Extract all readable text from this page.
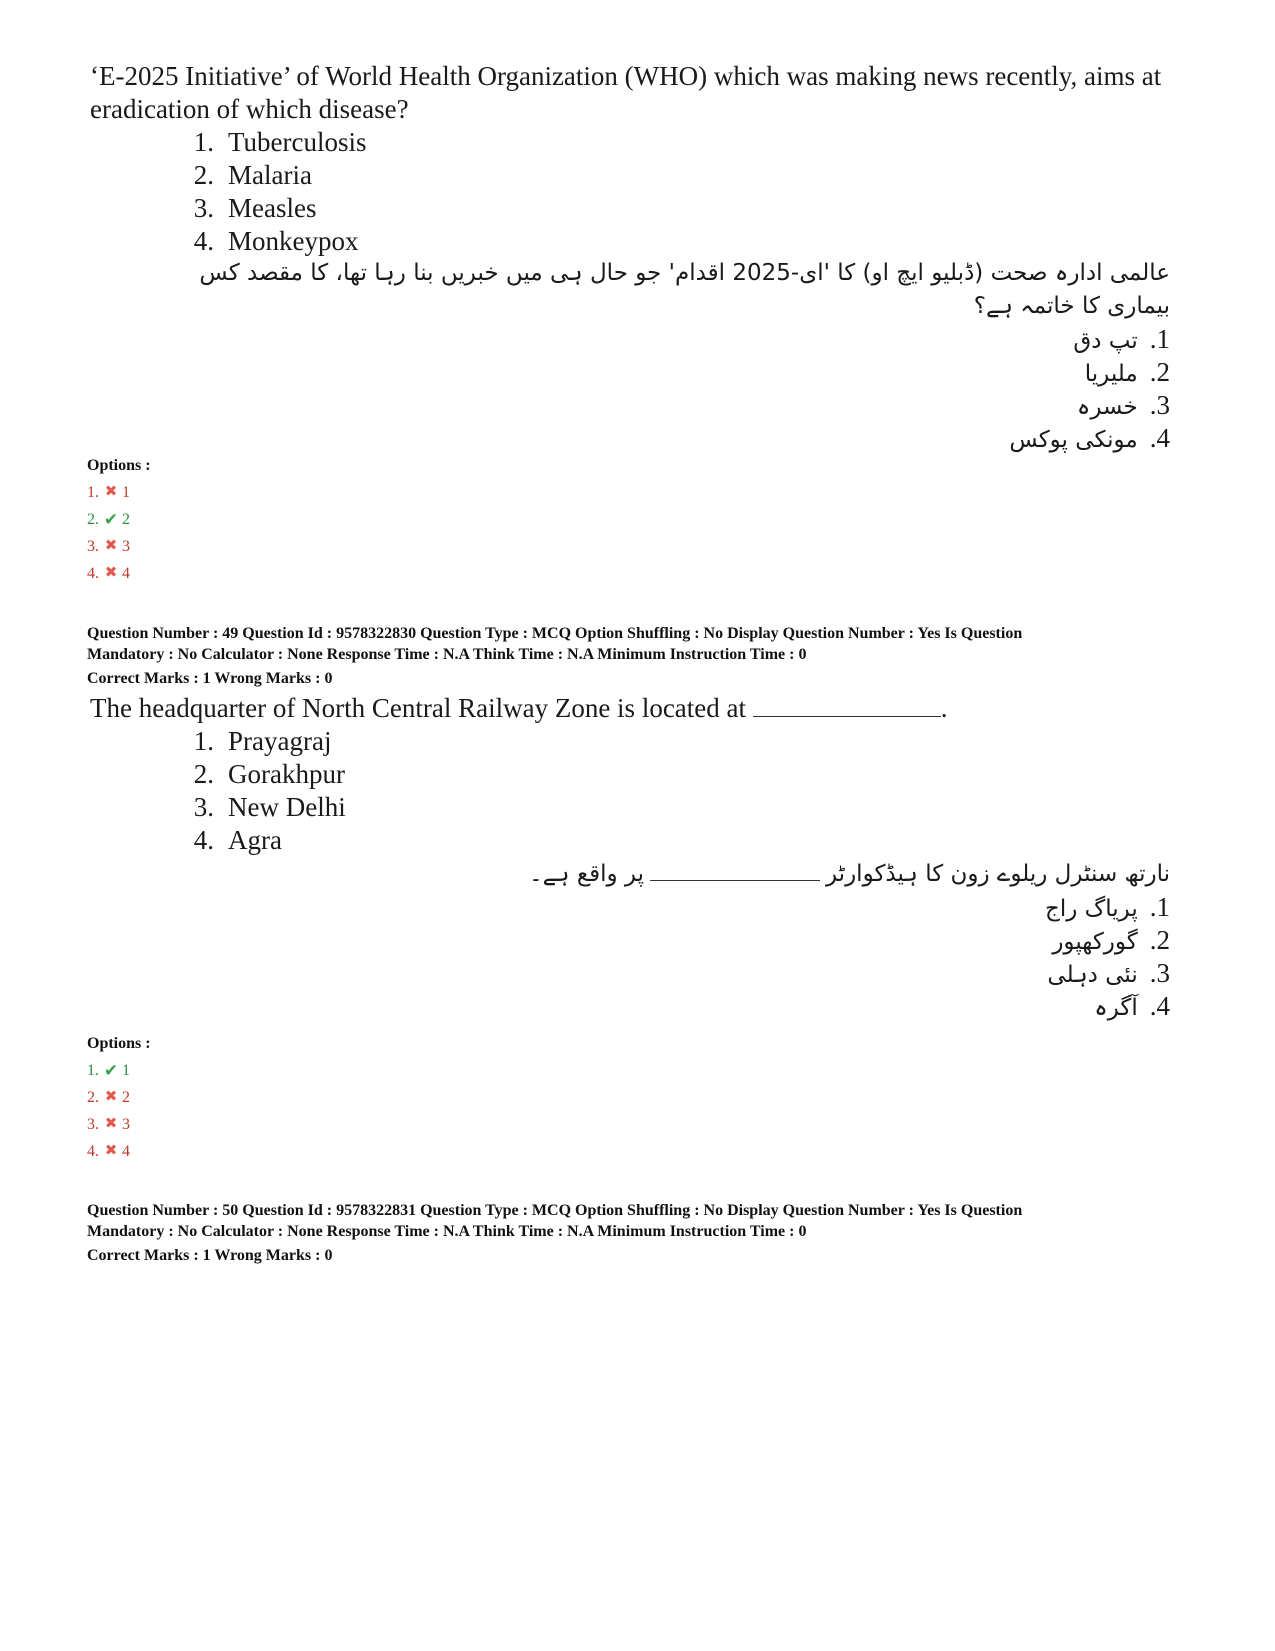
‘E-2025 Initiative’ of World Health Organization (WHO) which was making news recently, aims at eradication of which disease?

1. Tuberculosis
2. Malaria
3. Measles
4. Monkeypox

عالمی ادارہ صحت (ڈبلیو ایچ او) کا 'ای-2025 اقدام' جو حال ہی میں خبریں بنا رہا تھا، کا مقصد کس بیماری کا خاتمہ ہے؟

1.تپ دق
2.ملیریا
3.خسرہ
4.مونکی پوکس
Options :
1. ✖ 1
2. ✔ 2
3. ✖ 3
4. ✖ 4

Question Number : 49 Question Id : 9578322830 Question Type : MCQ Option Shuffling : No Display Question Number : Yes Is Question

Mandatory : No Calculator : None Response Time : N.A Think Time : N.A Minimum Instruction Time : 0

Correct Marks : 1 Wrong Marks : 0

The headquarter of North Central Railway Zone is located at	.

1. Prayagraj
2. Gorakhpur
3. New Delhi
4. Agra

نارتھ سنٹرل ریلوے زون کا ہیڈکوارٹرپر واقع ہے۔

1.پریاگ راج
2.گورکھپور
3.نئی دہلی
4.آگرہ
Options :
1. ✔ 1
2. ✖ 2
3. ✖ 3
4. ✖ 4

Question Number : 50 Question Id : 9578322831 Question Type : MCQ Option Shuffling : No Display Question Number : Yes Is Question

Mandatory : No Calculator : None Response Time : N.A Think Time : N.A Minimum Instruction Time : 0

Correct Marks : 1 Wrong Marks : 0
